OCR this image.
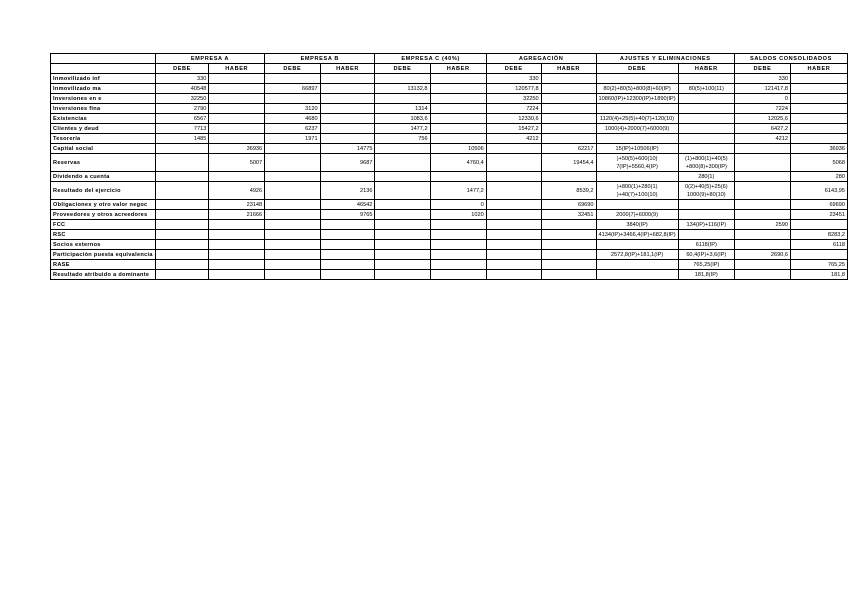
	EMPRESA A		EMPRESA B		EMPRESA C (40%)		AGREGACIÓN		AJUSTES Y ELIMINACIONES		SALDOS CONSOLIDADOS	
	DEBE	HABER	DEBE	HABER	DEBE	HABER	DEBE	HABER	DEBE	HABER	DEBE	HABER
Inmovilizado inf	330						330				330	
Inmovilizado ma	40548		66897		13132,8		120577,8		80(2)+80(5)+800(8)+60(IP)	80(5)+100(11)	121417,8	
Inversiones en e	32250						32250		10860(IP)+12300(IP)+1890(IP)		0	
Inversiones fina	2790		3120		1314		7224				7224	
Existencias	6567		4680		1083,6		12330,6		1120(4)+25(5)+40(7)+120(10)		12025,6	
Clientes y deud	7713		6237		1477,2		15427,2		1000(4)+2000(7)+6000(9)		6427,2	
Tesorería	1485		1971		756		4212				4212	
Capital social		36936		14775		10506		62217	15(IP)+10506(IP)			36936
Reservas		5007		9687		4760,4		19454,4	)+50(5)+600(10) 7(IP)+5560,4(IP)	(1)+800(1)+40(5) +800(8)+300(IP)		5068
Dividendo a cuenta										280(1)		280
Resultado del ejercicio		4926		2136		1477,2		8539,2	)+800(1)+280(1) )+40(7)+100(10)	0(2)+40(5)+25(6) 1000(9)+80(10)		6143,95
Obligaciones y otro valor negoc		23148		46542		0		69690				69690
Proveedores y otros acreedores		21666		9765		1020		32451	2000(7)+6000(9)			23451
FCC									3840(IP)	134(IP)+116(IP)	2590	
RSC									4134(IP)+3466,4(IP)+682,8(IP)			8283,2
Socios externos										6118(IP)		6118
Participación puesta equivalencia									2572,8(IP)+181,1(IP)	60,4(IP)+3,6(IP)	2690,6	
RASE										765,25(IP)		765,25
Resultado atribuido a dominante										181,8(IP)		181,8
